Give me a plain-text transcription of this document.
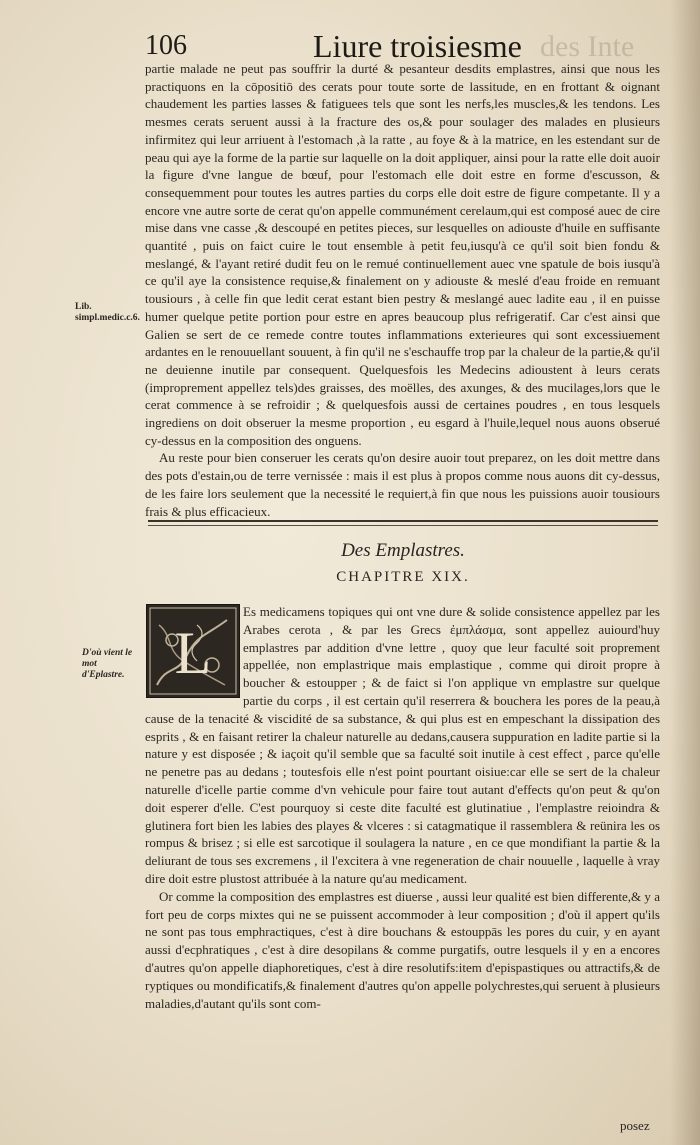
106	Liure troisiesme des Inte

partie malade ne peut pas souffrir la durté & pesanteur desdits emplastres, ainsi que nous les practiquons en la cōpositiō des cerats pour toute sorte de lassitude, en en frottant & oignant chaudement les parties lasses & fatiguees tels que sont les nerfs,les muscles,& les tendons. Les mesmes cerats seruent aussi à la fracture des os,& pour soulager des malades en plusieurs infirmitez qui leur arriuent à l'estomach ,à la ratte , au foye & à la matrice, en les estendant sur de peau qui aye la forme de la partie sur laquelle on la doit appliquer, ainsi pour la ratte elle doit auoir la figure d'vne langue de bœuf, pour l'estomach elle doit estre en forme d'escusson, & consequemment pour toutes les autres parties du corps elle doit estre de figure competante. Il y a encore vne autre sorte de cerat qu'on appelle communément cerelaum,qui est composé auec de cire mise dans vne casse ,& descoupé en petites pieces, sur lesquelles on adiouste d'huile en suffisante quantité , puis on faict cuire le tout ensemble à petit feu,iusqu'à ce qu'il soit bien fondu & meslangé, & l'ayant retiré dudit feu on le remué continuellement auec vne spatule de bois iusqu'à ce qu'il aye la consistence requise,& finalement on y adiouste & meslé d'eau froide en remuant tousiours , à celle fin que ledit cerat estant bien pestry & meslangé auec ladite eau , il en puisse humer quelque petite portion pour estre en apres beaucoup plus refrigeratif. Car c'est ainsi que Galien se sert de ce remede contre toutes inflammations exterieures qui sont excessiuement ardantes en le renouuellant souuent, à fin qu'il ne s'eschauffe trop par la chaleur de la partie,& qu'il ne deuienne inutile par consequent. Quelquesfois les Medecins adioustent à leurs cerats (improprement appellez tels)des graisses, des moëlles, des axunges, & des mucilages,lors que le cerat commence à se refroidir ; & quelquesfois aussi de certaines poudres , en tous lesquels ingrediens on doit obseruer la mesme proportion , eu esgard à l'huile,lequel nous auons obserué cy-dessus en la composition des onguens.

Au reste pour bien conseruer les cerats qu'on desire auoir tout preparez, on les doit mettre dans des pots d'estain,ou de terre vernissée : mais il est plus à propos comme nous auons dit cy-dessus, de les faire lors seulement que la necessité le requiert,à fin que nous les puissions auoir tousiours frais & plus efficacieux.

Lib. simpl.medic.c.6.
Des Emplastres.
CHAPITRE XIX.
D'où vient le mot d'Eplastre.

Es medicamens topiques qui ont vne dure & solide consistence appellez par les Arabes cerota , & par les Grecs ἐμπλάσμα, sont appellez auiourd'huy emplastres par addition d'vne lettre , quoy que leur faculté soit proprement appellée, non emplastrique mais emplastique , comme qui diroit propre à boucher & estoupper ; & de faict si l'on applique vn emplastre sur quelque partie du corps , il est certain qu'il reserrera & bouchera les pores de la peau,à cause de la tenacité & viscidité de sa substance, & qui plus est en empeschant la dissipation des esprits , & en faisant retirer la chaleur naturelle au dedans,causera suppuration en ladite partie si la nature y est disposée ; & iaçoit qu'il semble que sa faculté soit inutile à cest effect , parce qu'elle ne penetre pas au dedans ; toutesfois elle n'est point pourtant oisiue:car elle se sert de la chaleur naturelle d'icelle partie comme d'vn vehicule pour faire tout autant d'effects qu'on peut & qu'on doit esperer d'elle. C'est pourquoy si ceste dite faculté est glutinatiue , l'emplastre reioindra & glutinera fort bien les labies des playes & vlceres : si catagmatique il rassemblera & reünira les os rompus & brisez ; si elle est sarcotique il soulagera la nature , en ce que mondifiant la partie & la deliurant de tous ses excremens , il l'excitera à vne regeneration de chair nouuelle , laquelle à vray dire doit estre plustost attribuée à la nature qu'au medicament.

Or comme la composition des emplastres est diuerse , aussi leur qualité est bien differente,& y a fort peu de corps mixtes qui ne se puissent accommoder à leur composition ; d'où il appert qu'ils ne sont pas tous emphractiques, c'est à dire bouchans & estouppās les pores du cuir, y en ayant aussi d'ecphratiques , c'est à dire desopilans & comme purgatifs, outre lesquels il y en a encores d'autres qu'on appelle diaphoretiques, c'est à dire resolutifs:item d'epispastiques ou attractifs,& de ryptiques ou mondificatifs,& finalement d'autres qu'on appelle polychrestes,qui seruent à plusieurs maladies,d'autant qu'ils sont com-

L
posez
